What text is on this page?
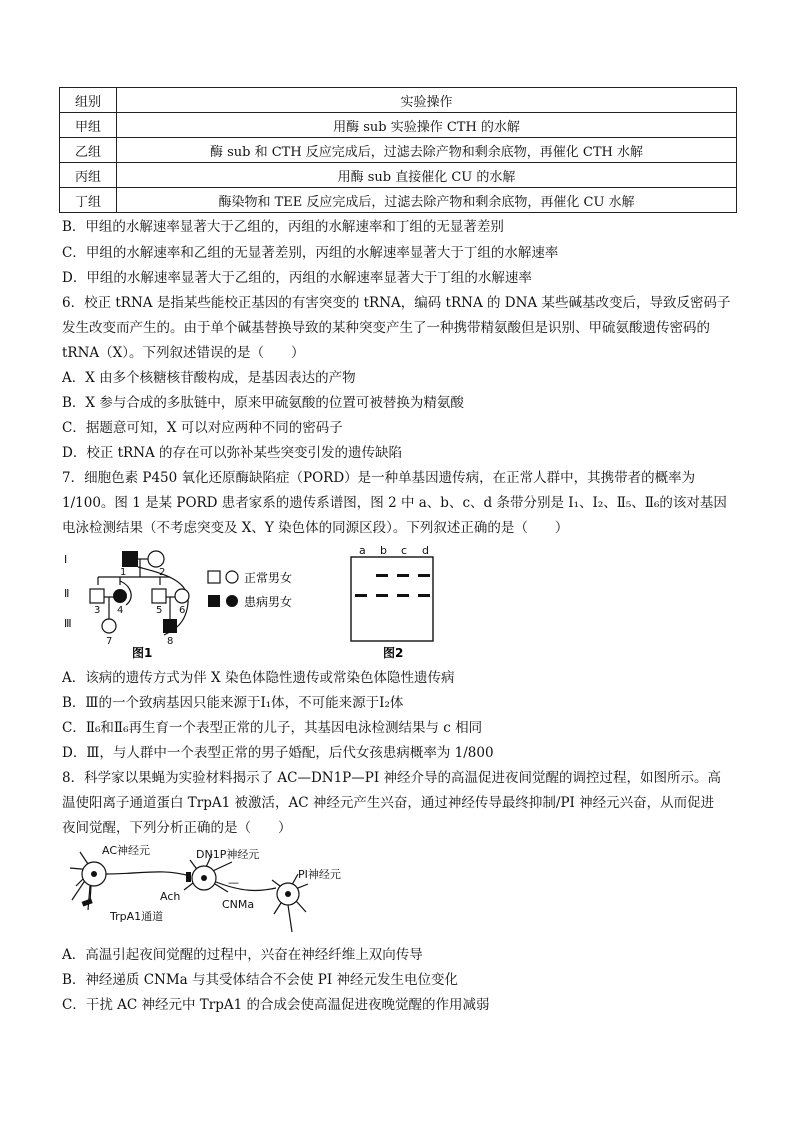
组别	实验操作
甲组	用酶 sub 实验操作 CTH 的水解
乙组	酶 sub 和 CTH 反应完成后，过滤去除产物和剩余底物，再催化 CTH 水解
丙组	用酶 sub 直接催化 CU 的水解
丁组	酶染物和 TEE 反应完成后，过滤去除产物和剩余底物，再催化 CU 水解
B．甲组的水解速率显著大于乙组的，丙组的水解速率和丁组的无显著差别
C．甲组的水解速率和乙组的无显著差别，丙组的水解速率显著大于丁组的水解速率
D．甲组的水解速率显著大于乙组的，丙组的水解速率显著大于丁组的水解速率
6．校正 tRNA 是指某些能校正基因的有害突变的 tRNA，编码 tRNA 的 DNA 某些碱基改变后，导致反密码子
发生改变而产生的。由于单个碱基替换导致的某种突变产生了一种携带精氨酸但是识别、甲硫氨酸遗传密码的
tRNA（X）。下列叙述错误的是（　　）
A．X 由多个核糖核苷酸构成，是基因表达的产物
B．X 参与合成的多肽链中，原来甲硫氨酸的位置可被替换为精氨酸
C．据题意可知，X 可以对应两种不同的密码子
D．校正 tRNA 的存在可以弥补某些突变引发的遗传缺陷
7．细胞色素 P450 氧化还原酶缺陷症（PORD）是一种单基因遗传病，在正常人群中，其携带者的概率为
1/100。图 1 是某 PORD 患者家系的遗传系谱图，图 2 中 a、b、c、d 条带分别是 Ⅰ₁、Ⅰ₂、Ⅱ₅、Ⅱ₆的该对基因
电泳检测结果（不考虑突变及 X、Y 染色体的同源区段）。下列叙述正确的是（　　）
Ⅰ
Ⅱ
Ⅲ
1	2
3 4	5 6
7	8
正常男女
患病男女
图1
a b c d
图2
A．该病的遗传方式为伴 X 染色体隐性遗传或常染色体隐性遗传病
B．Ⅲ的一个致病基因只能来源于Ⅰ₁体，不可能来源于Ⅰ₂体
C．Ⅱ₆和Ⅱ₆再生育一个表型正常的儿子，其基因电泳检测结果与 c 相同
D．Ⅲ，与人群中一个表型正常的男子婚配，后代女孩患病概率为 1/800
8．科学家以果蝇为实验材料揭示了 AC—DN1P—PI 神经介导的高温促进夜间觉醒的调控过程，如图所示。高
温使阳离子通道蛋白 TrpA1 被激活，AC 神经元产生兴奋，通过神经传导最终抑制/PI 神经元兴奋，从而促进
夜间觉醒，下列分析正确的是（　　）
AC神经元	DN1P神经元
PI神经元
Ach
CNMa
—
TrpA1通道
A．高温引起夜间觉醒的过程中，兴奋在神经纤维上双向传导
B．神经递质 CNMa 与其受体结合不会使 PI 神经元发生电位变化
C．干扰 AC 神经元中 TrpA1 的合成会使高温促进夜晚觉醒的作用减弱
